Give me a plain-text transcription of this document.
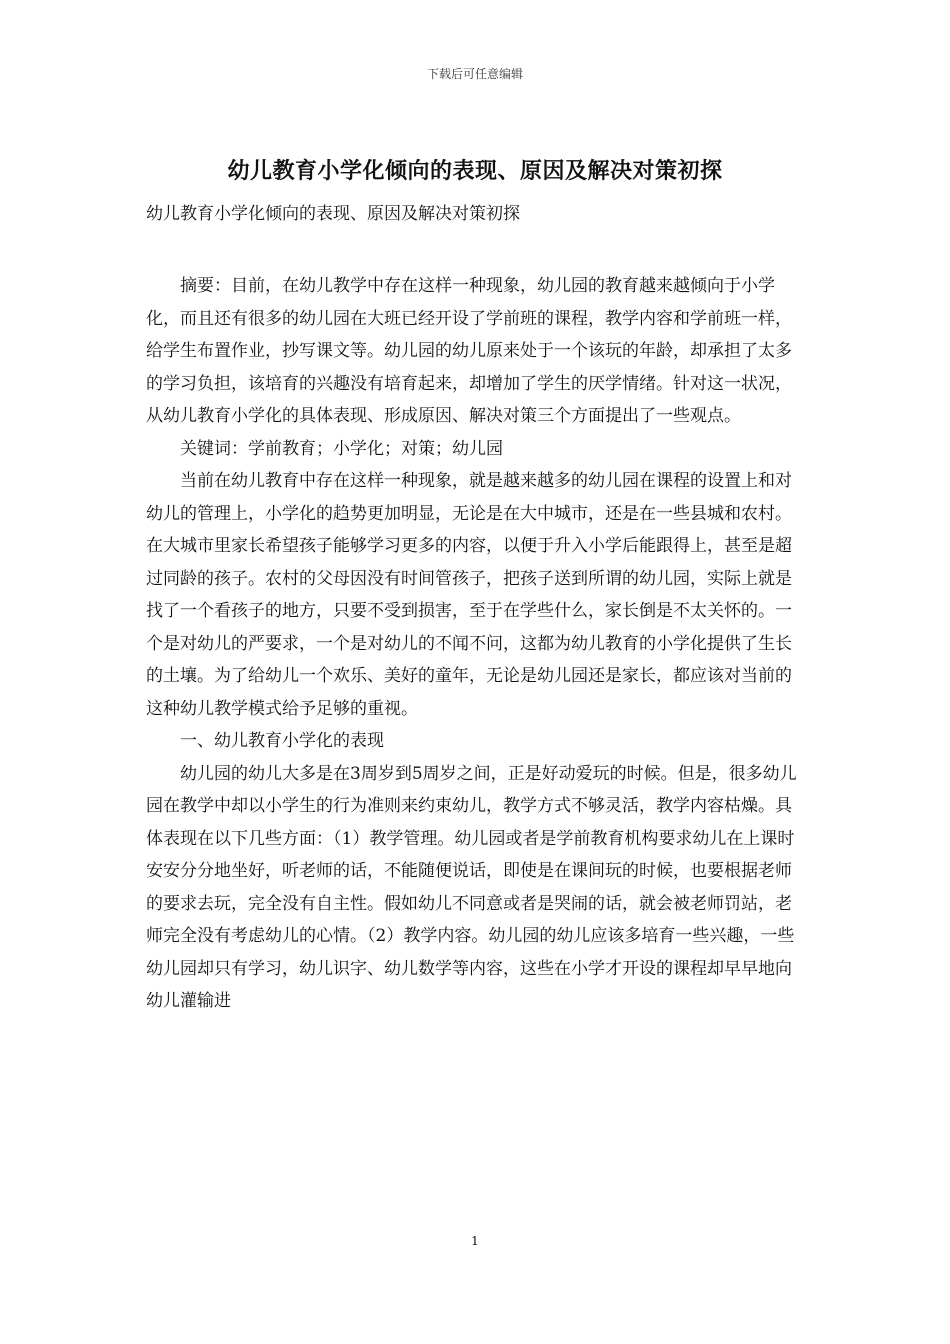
下载后可任意编辑
幼儿教育小学化倾向的表现、原因及解决对策初探
幼儿教育小学化倾向的表现、原因及解决对策初探

摘要：目前，在幼儿教学中存在这样一种现象，幼儿园的教育越来越倾向于小学化，而且还有很多的幼儿园在大班已经开设了学前班的课程，教学内容和学前班一样，给学生布置作业，抄写课文等。幼儿园的幼儿原来处于一个该玩的年龄，却承担了太多的学习负担，该培育的兴趣没有培育起来，却增加了学生的厌学情绪。针对这一状况，从幼儿教育小学化的具体表现、形成原因、解决对策三个方面提出了一些观点。

关键词：学前教育；小学化；对策；幼儿园

当前在幼儿教育中存在这样一种现象，就是越来越多的幼儿园在课程的设置上和对幼儿的管理上，小学化的趋势更加明显，无论是在大中城市，还是在一些县城和农村。在大城市里家长希望孩子能够学习更多的内容，以便于升入小学后能跟得上，甚至是超过同龄的孩子。农村的父母因没有时间管孩子，把孩子送到所谓的幼儿园，实际上就是找了一个看孩子的地方，只要不受到损害，至于在学些什么，家长倒是不太关怀的。一个是对幼儿的严要求，一个是对幼儿的不闻不问，这都为幼儿教育的小学化提供了生长的土壤。为了给幼儿一个欢乐、美好的童年，无论是幼儿园还是家长，都应该对当前的这种幼儿教学模式给予足够的重视。

一、幼儿教育小学化的表现

幼儿园的幼儿大多是在3周岁到5周岁之间，正是好动爱玩的时候。但是，很多幼儿园在教学中却以小学生的行为准则来约束幼儿，教学方式不够灵活，教学内容枯燥。具体表现在以下几些方面：（1）教学管理。幼儿园或者是学前教育机构要求幼儿在上课时安安分分地坐好，听老师的话，不能随便说话，即使是在课间玩的时候，也要根据老师的要求去玩，完全没有自主性。假如幼儿不同意或者是哭闹的话，就会被老师罚站，老师完全没有考虑幼儿的心情。（2）教学内容。幼儿园的幼儿应该多培育一些兴趣，一些幼儿园却只有学习，幼儿识字、幼儿数学等内容，这些在小学才开设的课程却早早地向幼儿灌输进

1
